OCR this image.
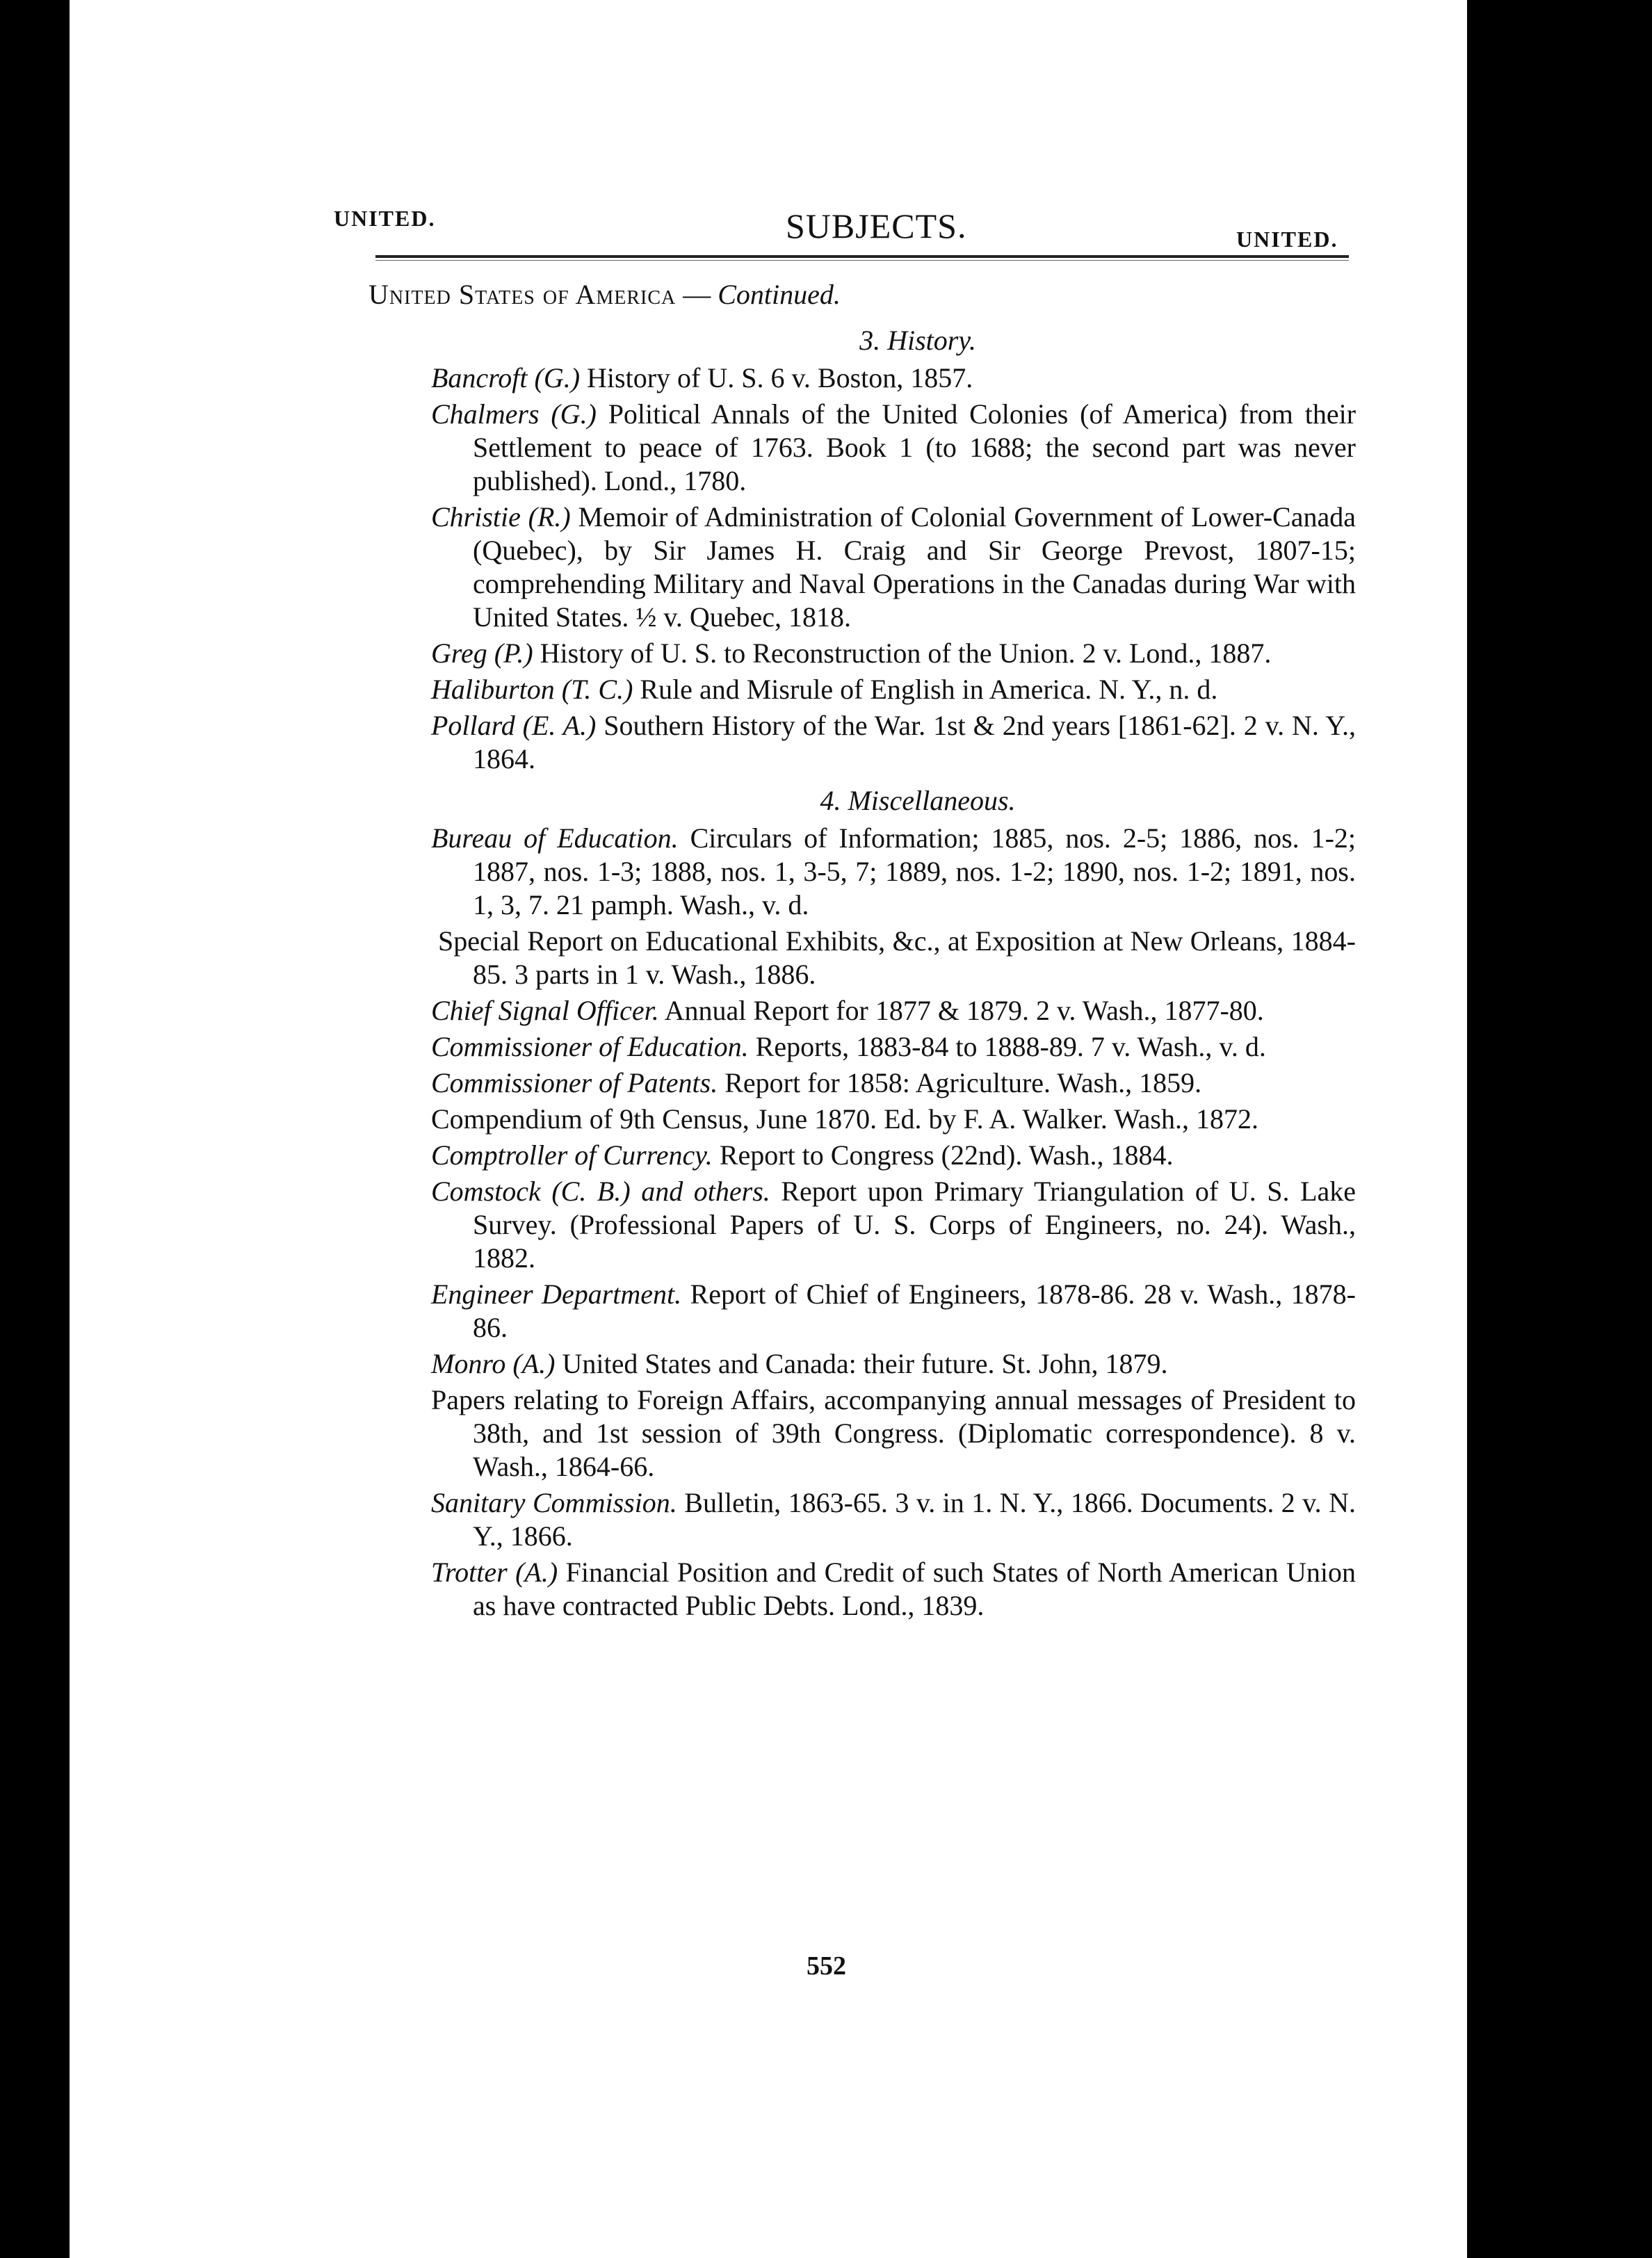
UNITED.	SUBJECTS.	UNITED.
United States of America — Continued.
3. History.
Bancroft (G.) History of U. S. 6 v. Boston, 1857.
Chalmers (G.) Political Annals of the United Colonies (of America) from their Settlement to peace of 1763. Book 1 (to 1688; the second part was never published). Lond., 1780.
Christie (R.) Memoir of Administration of Colonial Government of Lower-Canada (Quebec), by Sir James H. Craig and Sir George Prevost, 1807-15; comprehending Military and Naval Operations in the Canadas during War with United States. ½ v. Quebec, 1818.
Greg (P.) History of U. S. to Reconstruction of the Union. 2 v. Lond., 1887.
Haliburton (T. C.) Rule and Misrule of English in America. N. Y., n. d.
Pollard (E. A.) Southern History of the War. 1st & 2nd years [1861-62]. 2 v. N. Y., 1864.
4. Miscellaneous.
Bureau of Education. Circulars of Information; 1885, nos. 2-5; 1886, nos. 1-2; 1887, nos. 1-3; 1888, nos. 1, 3-5, 7; 1889, nos. 1-2; 1890, nos. 1-2; 1891, nos. 1, 3, 7. 21 pamph. Wash., v. d.
Special Report on Educational Exhibits, &c., at Exposition at New Orleans, 1884-85. 3 parts in 1 v. Wash., 1886.
Chief Signal Officer. Annual Report for 1877 & 1879. 2 v. Wash., 1877-80.
Commissioner of Education. Reports, 1883-84 to 1888-89. 7 v. Wash., v. d.
Commissioner of Patents. Report for 1858: Agriculture. Wash., 1859.
Compendium of 9th Census, June 1870. Ed. by F. A. Walker. Wash., 1872.
Comptroller of Currency. Report to Congress (22nd). Wash., 1884.
Comstock (C. B.) and others. Report upon Primary Triangulation of U. S. Lake Survey. (Professional Papers of U. S. Corps of Engineers, no. 24). Wash., 1882.
Engineer Department. Report of Chief of Engineers, 1878-86. 28 v. Wash., 1878-86.
Monro (A.) United States and Canada: their future. St. John, 1879.
Papers relating to Foreign Affairs, accompanying annual messages of President to 38th, and 1st session of 39th Congress. (Diplomatic correspondence). 8 v. Wash., 1864-66.
Sanitary Commission. Bulletin, 1863-65. 3 v. in 1. N. Y., 1866. Documents. 2 v. N. Y., 1866.
Trotter (A.) Financial Position and Credit of such States of North American Union as have contracted Public Debts. Lond., 1839.
552
